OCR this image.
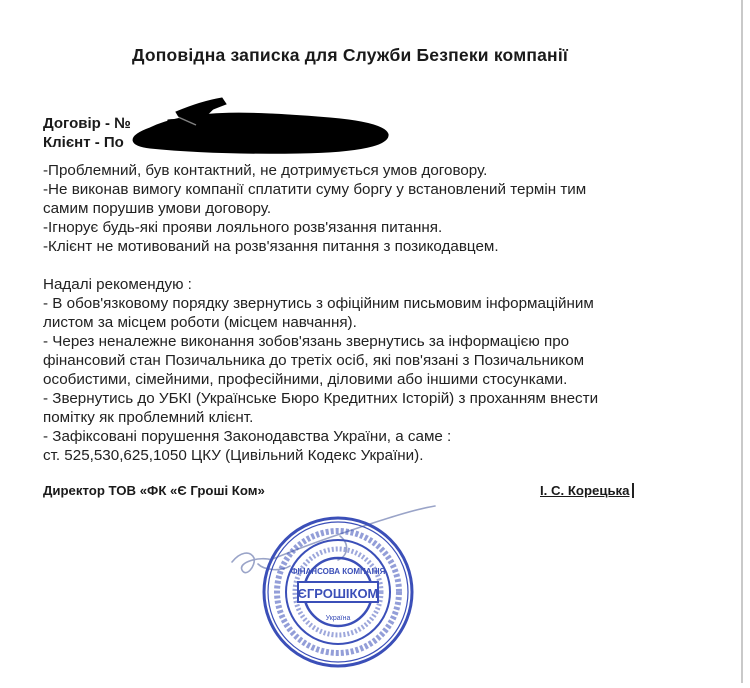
Доповідна записка для Служби Безпеки компанії
Договір - №
Клієнт - По

-Проблемний, був контактний, не дотримується умов договору.

-Не виконав вимогу компанії сплатити суму боргу у встановлений термін тим

самим порушив умови договору.

-Ігнорує будь-які прояви лояльного розв'язання питання.

-Клієнт не мотивований на розв'язання питання з позикодавцем.

Надалі рекомендую :

- В обов'язковому порядку звернутись з офіційним письмовим інформаційним

листом за місцем роботи (місцем навчання).

- Через неналежне виконання зобов'язань звернутись за інформацією про

фінансовий стан Позичальника до третіх осіб, які пов'язані з Позичальником

особистими, сімейними, професійними, діловими або іншими стосунками.

- Звернутись до УБКІ (Українське Бюро Кредитних Історій) з проханням внести

помітку як проблемний клієнт.

- Зафіксовані порушення Законодавства України, а саме :

ст. 525,530,625,1050 ЦКУ (Цивільний Кодекс України).

Директор ТОВ «ФК «Є Гроші Ком»	І. С. Корецька
ЄГРОШІКОМ
ФІНАНСОВА КОМПАНІЯ
Україна
